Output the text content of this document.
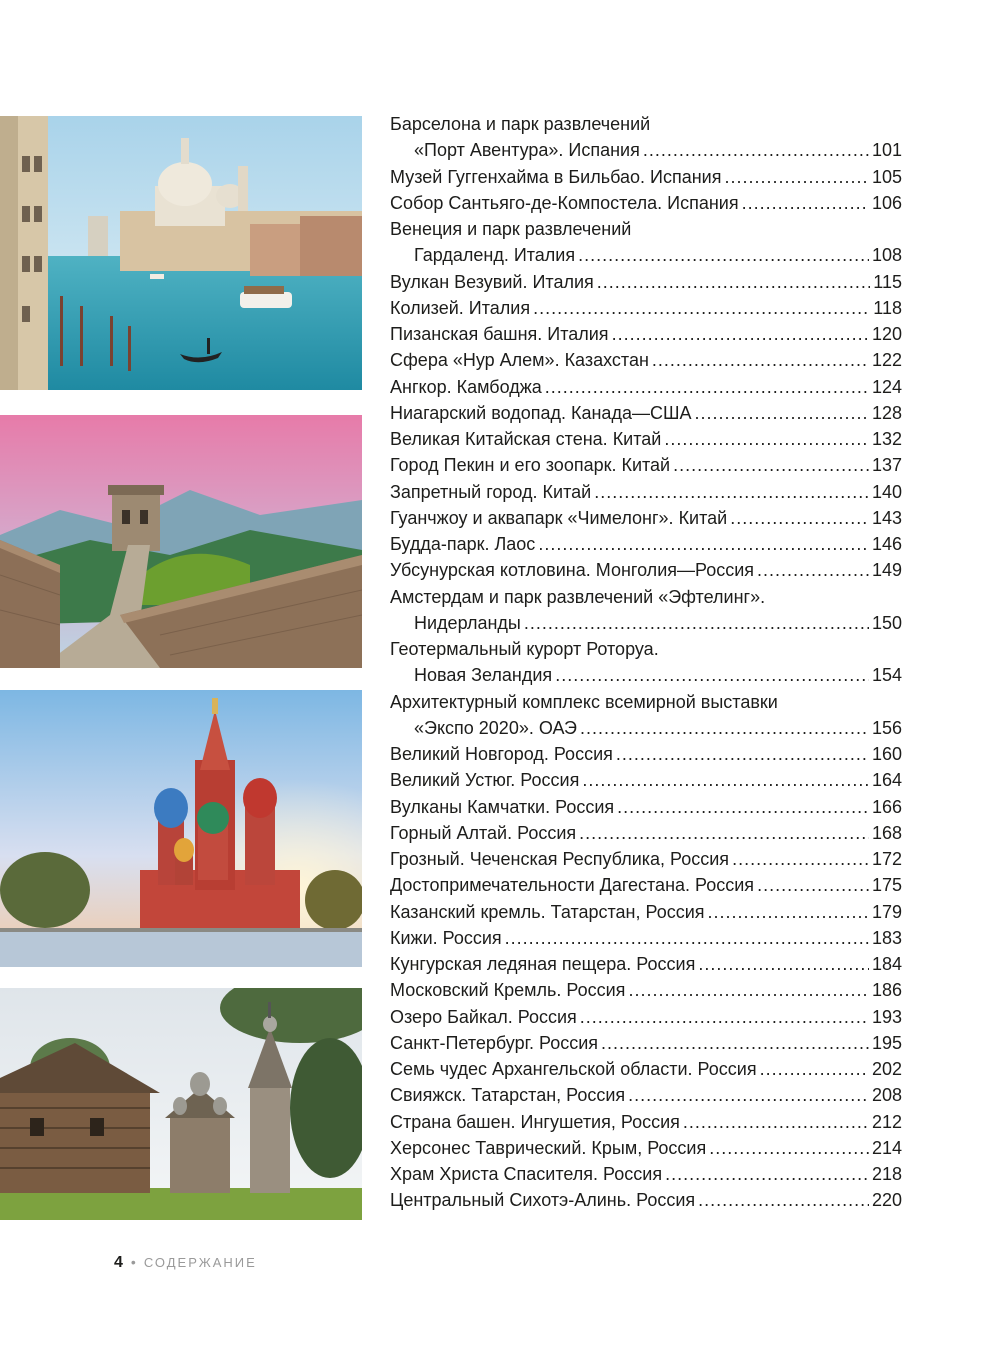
Барселона и парк развлечений
«Порт Авентура». Испания .....	101
Музей Гуггенхайма в Бильбао. Испания .....	105
Собор Сантьяго-де-Компостела. Испания .....	106
Венеция и парк развлечений
Гардаленд. Италия .....	108
Вулкан Везувий. Италия .....	115
Колизей. Италия .....	118
Пизанская башня. Италия .....	120
Сфера «Нур Алем». Казахстан .....	122
Ангкор. Камбоджа .....	124
Ниагарский водопад. Канада—США .....	128
Великая Китайская стена. Китай .....	132
Город Пекин и его зоопарк. Китай .....	137
Запретный город. Китай .....	140
Гуанчжоу и аквапарк «Чимелонг». Китай .....	143
Будда-парк. Лаос .....	146
Убсунурская котловина. Монголия—Россия .....	149
Амстердам и парк развлечений «Эфтелинг».
Нидерланды .....	150
Геотермальный курорт Роторуа.
Новая Зеландия .....	154
Архитектурный комплекс всемирной выставки
«Экспо 2020». ОАЭ .....	156
Великий Новгород. Россия .....	160
Великий Устюг. Россия .....	164
Вулканы Камчатки. Россия .....	166
Горный Алтай. Россия .....	168
Грозный. Чеченская Республика, Россия .....	172
Достопримечательности Дагестана. Россия .....	175
Казанский кремль. Татарстан, Россия .....	179
Кижи. Россия .....	183
Кунгурская ледяная пещера. Россия .....	184
Московский Кремль. Россия .....	186
Озеро Байкал. Россия .....	193
Санкт-Петербург. Россия .....	195
Семь чудес Архангельской области. Россия .....	202
Свияжск. Татарстан, Россия .....	208
Страна башен. Ингушетия, Россия .....	212
Херсонес Таврический. Крым, Россия .....	214
Храм Христа Спасителя. Россия .....	218
Центральный Сихотэ-Алинь. Россия .....	220
4 • СОДЕРЖАНИЕ
